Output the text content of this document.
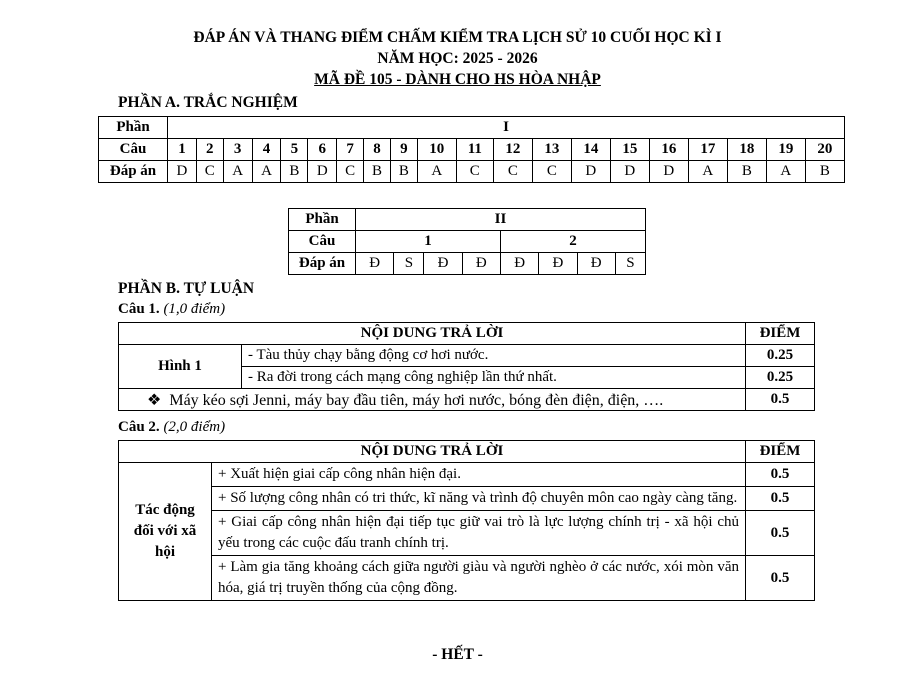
ĐÁP ÁN VÀ THANG ĐIỂM CHẤM KIỂM TRA LỊCH SỬ 10 CUỐI HỌC KÌ I
NĂM HỌC: 2025 - 2026
MÃ ĐỀ 105 - DÀNH CHO HS HÒA NHẬP
PHẦN A. TRẮC NGHIỆM
Phần	I																			
Câu	1	2	3	4	5	6	7	8	9	10	11	12	13	14	15	16	17	18	19	20
Đáp án	D	C	A	A	B	D	C	B	B	A	C	C	C	D	D	D	A	B	A	B
Phần	II							
Câu	1				2			
Đáp án	Đ	S	Đ	Đ	Đ	Đ	Đ	S
PHẦN B. TỰ LUẬN
Câu 1. (1,0 điểm)
NỘI DUNG TRẢ LỜI		ĐIỂM
Hình 1	- Tàu thủy chạy bằng động cơ hơi nước.	0.25
	- Ra đời trong cách mạng công nghiệp lần thứ nhất.	0.25
❖ Máy kéo sợi Jenni, máy bay đầu tiên, máy hơi nước, bóng đèn điện, điện, ….		0.5
Câu 2. (2,0 điểm)
NỘI DUNG TRẢ LỜI		ĐIỂM
Tác động đối với xã hội	+ Xuất hiện giai cấp công nhân hiện đại.	0.5
	+ Số lượng công nhân có tri thức, kĩ năng và trình độ chuyên môn cao ngày càng tăng.	0.5
	+ Giai cấp công nhân hiện đại tiếp tục giữ vai trò là lực lượng chính trị - xã hội chủ yếu trong các cuộc đấu tranh chính trị.	0.5
	+ Làm gia tăng khoảng cách giữa người giàu và người nghèo ở các nước, xói mòn văn hóa, giá trị truyền thống của cộng đồng.	0.5
- HẾT -
